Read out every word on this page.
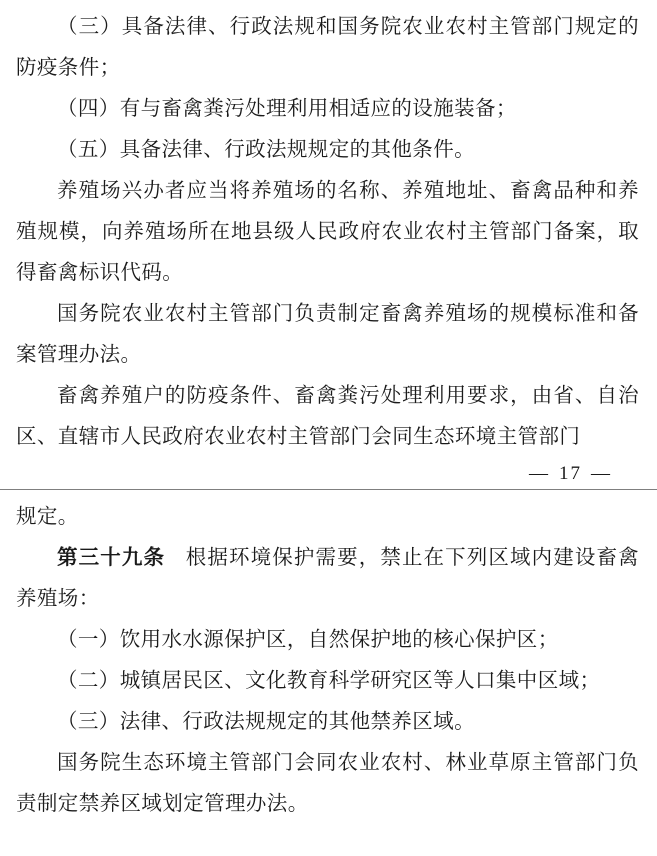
（三）具备法律、行政法规和国务院农业农村主管部门规定的防疫条件；

（四）有与畜禽粪污处理利用相适应的设施装备；

（五）具备法律、行政法规规定的其他条件。

养殖场兴办者应当将养殖场的名称、养殖地址、畜禽品种和养殖规模，向养殖场所在地县级人民政府农业农村主管部门备案，取得畜禽标识代码。

国务院农业农村主管部门负责制定畜禽养殖场的规模标准和备案管理办法。

畜禽养殖户的防疫条件、畜禽粪污处理利用要求，由省、自治区、直辖市人民政府农业农村主管部门会同生态环境主管部门

— 17 —

规定。

第三十九条 根据环境保护需要，禁止在下列区域内建设畜禽养殖场：

（一）饮用水水源保护区，自然保护地的核心保护区；

（二）城镇居民区、文化教育科学研究区等人口集中区域；

（三）法律、行政法规规定的其他禁养区域。

国务院生态环境主管部门会同农业农村、林业草原主管部门负责制定禁养区域划定管理办法。
